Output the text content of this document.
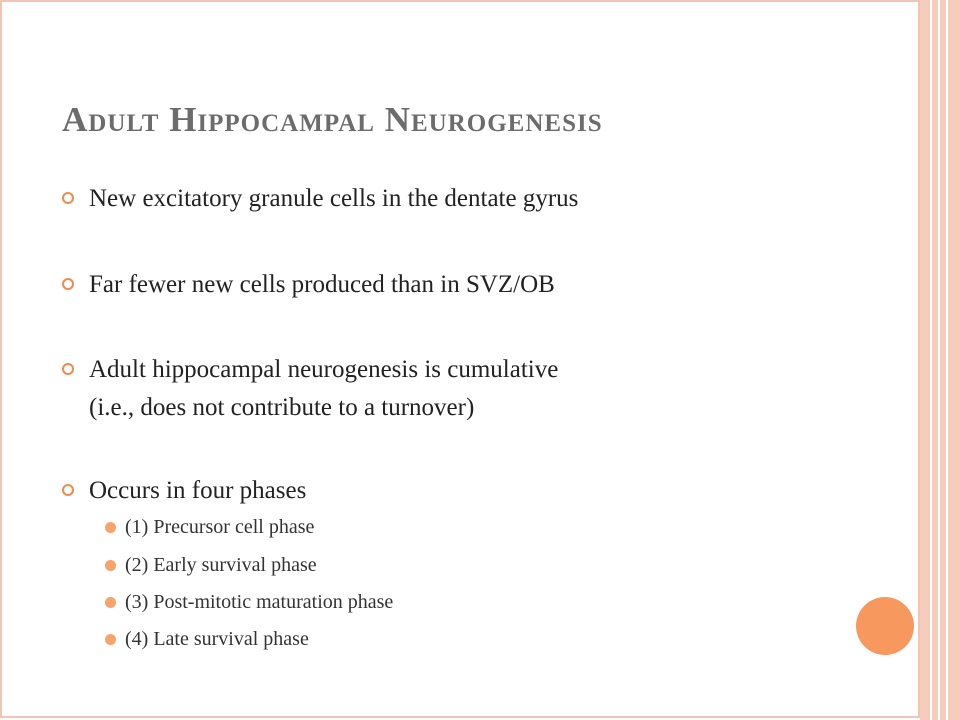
Adult Hippocampal Neurogenesis
New excitatory granule cells in the dentate gyrus
Far fewer new cells produced than in SVZ/OB
Adult hippocampal neurogenesis is cumulative
(i.e., does not contribute to a turnover)
Occurs in four phases
(1) Precursor cell phase
(2) Early survival phase
(3) Post-mitotic maturation phase
(4) Late survival phase
